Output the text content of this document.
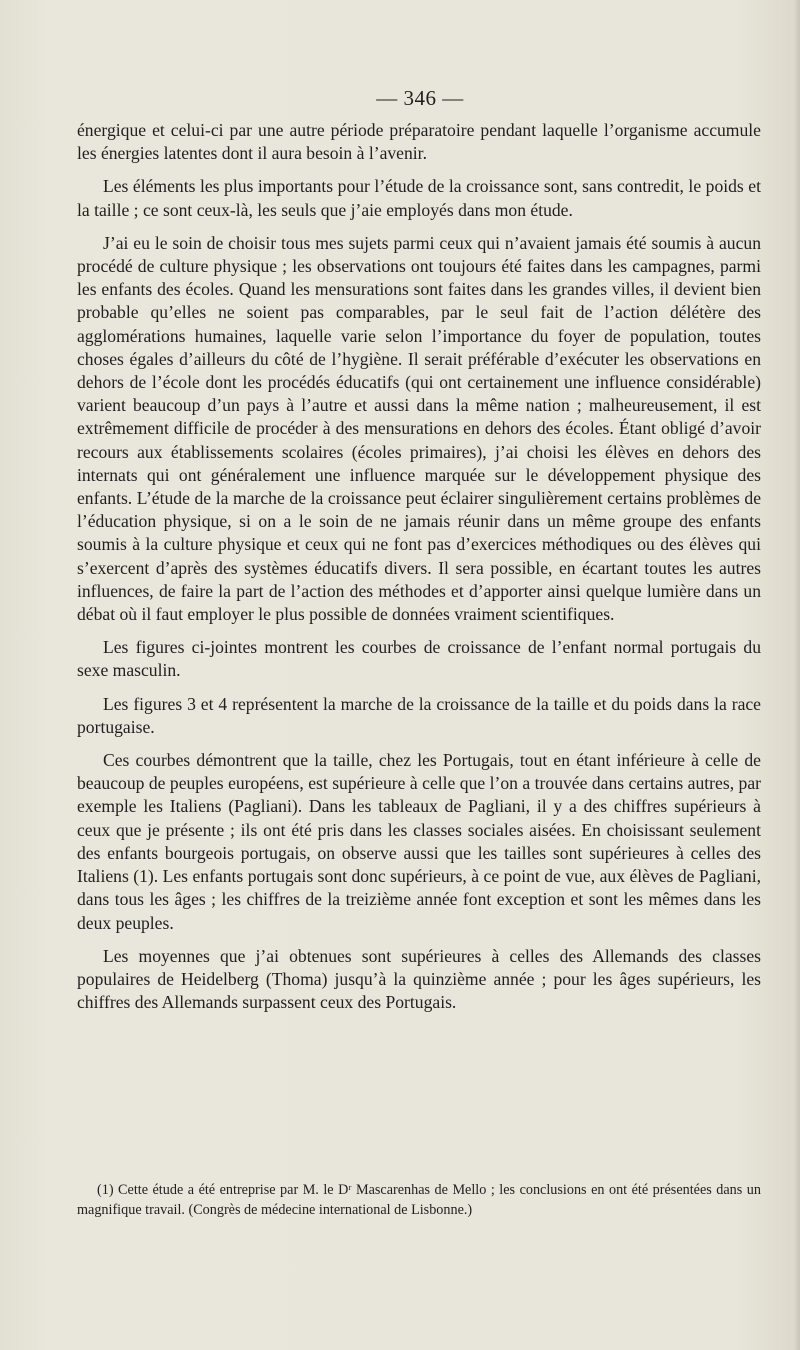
— 346 —

énergique et celui-ci par une autre période préparatoire pendant laquelle l’organisme accumule les énergies latentes dont il aura besoin à l’avenir.

Les éléments les plus importants pour l’étude de la croissance sont, sans contredit, le poids et la taille ; ce sont ceux-là, les seuls que j’aie employés dans mon étude.

J’ai eu le soin de choisir tous mes sujets parmi ceux qui n’avaient jamais été soumis à aucun procédé de culture physique ; les observations ont toujours été faites dans les campagnes, parmi les enfants des écoles. Quand les mensurations sont faites dans les grandes villes, il devient bien probable qu’elles ne soient pas comparables, par le seul fait de l’action délétère des agglomérations humaines, laquelle varie selon l’importance du foyer de population, toutes choses égales d’ailleurs du côté de l’hygiène. Il serait préférable d’exécuter les observations en dehors de l’école dont les procédés éducatifs (qui ont certainement une influence considérable) varient beaucoup d’un pays à l’autre et aussi dans la même nation ; malheureusement, il est extrêmement difficile de procéder à des mensurations en dehors des écoles. Étant obligé d’avoir recours aux établissements scolaires (écoles primaires), j’ai choisi les élèves en dehors des internats qui ont généralement une influence marquée sur le développement physique des enfants. L’étude de la marche de la croissance peut éclairer singulièrement certains problèmes de l’éducation physique, si on a le soin de ne jamais réunir dans un même groupe des enfants soumis à la culture physique et ceux qui ne font pas d’exercices méthodiques ou des élèves qui s’exercent d’après des systèmes éducatifs divers. Il sera possible, en écartant toutes les autres influences, de faire la part de l’action des méthodes et d’apporter ainsi quelque lumière dans un débat où il faut employer le plus possible de données vraiment scientifiques.

Les figures ci-jointes montrent les courbes de croissance de l’enfant normal portugais du sexe masculin.

Les figures 3 et 4 représentent la marche de la croissance de la taille et du poids dans la race portugaise.

Ces courbes démontrent que la taille, chez les Portugais, tout en étant inférieure à celle de beaucoup de peuples européens, est supérieure à celle que l’on a trouvée dans certains autres, par exemple les Italiens (Pagliani). Dans les tableaux de Pagliani, il y a des chiffres supérieurs à ceux que je présente ; ils ont été pris dans les classes sociales aisées. En choisissant seulement des enfants bourgeois portugais, on observe aussi que les tailles sont supérieures à celles des Italiens (1). Les enfants portugais sont donc supérieurs, à ce point de vue, aux élèves de Pagliani, dans tous les âges ; les chiffres de la treizième année font exception et sont les mêmes dans les deux peuples.

Les moyennes que j’ai obtenues sont supérieures à celles des Allemands des classes populaires de Heidelberg (Thoma) jusqu’à la quinzième année ; pour les âges supérieurs, les chiffres des Allemands surpassent ceux des Portugais.

(1) Cette étude a été entreprise par M. le Dʳ Mascarenhas de Mello ; les conclusions en ont été présentées dans un magnifique travail. (Congrès de médecine international de Lisbonne.)
